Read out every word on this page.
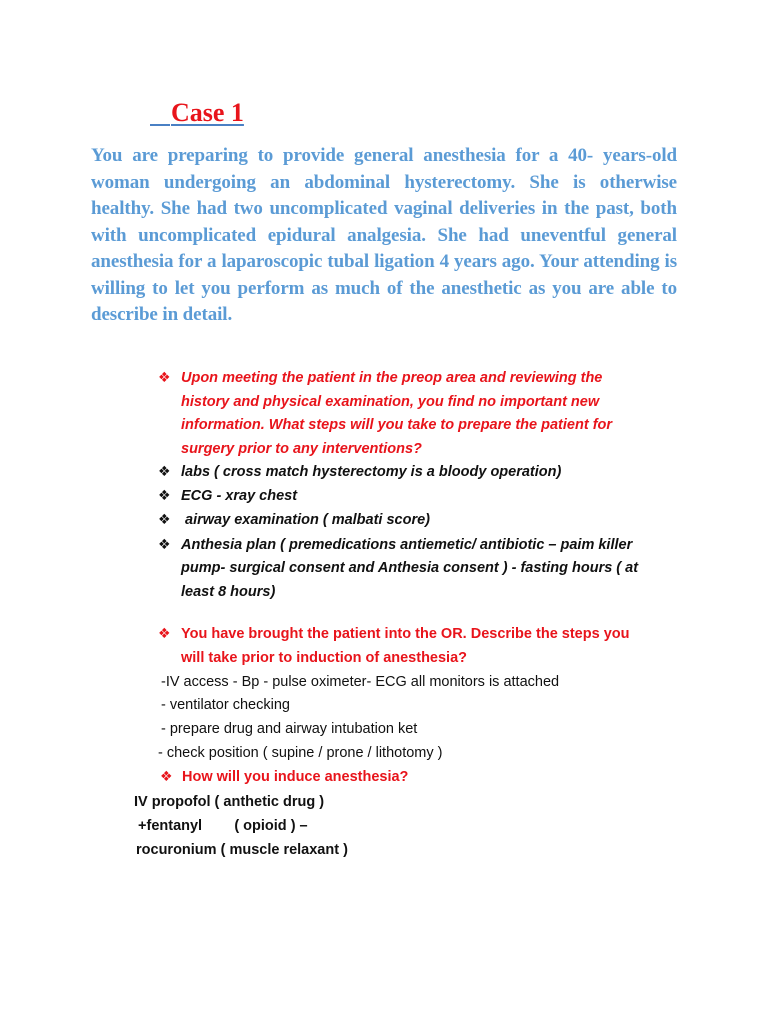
Case 1

You are preparing to provide general anesthesia for a 40- years-old woman undergoing an abdominal hysterectomy. She is otherwise healthy. She had two uncomplicated vaginal deliveries in the past, both with uncomplicated epidural analgesia. She had uneventful general anesthesia for a laparoscopic tubal ligation 4 years ago. Your attending is willing to let you perform as much of the anesthetic as you are able to describe in detail.

❖ Upon meeting the patient in the preop area and reviewing the

history and physical examination, you find no important new

information. What steps will you take to prepare the patient for

surgery prior to any interventions?

❖ labs ( cross match hysterectomy is a bloody operation)

❖ ECG - xray chest

❖ airway examination ( malbati score)

❖ Anthesia plan ( premedications antiemetic/ antibiotic – paim killer

pump- surgical consent and Anthesia consent ) - fasting hours ( at

least 8 hours)

❖ You have brought the patient into the OR. Describe the steps you

will take prior to induction of anesthesia?

-IV access - Bp - pulse oximeter- ECG all monitors is attached

- ventilator checking

- prepare drug and airway intubation ket

- check position ( supine / prone / lithotomy )

❖ How will you induce anesthesia?

IV propofol ( anthetic drug )

+fentanyl        ( opioid ) –

rocuronium ( muscle relaxant )
